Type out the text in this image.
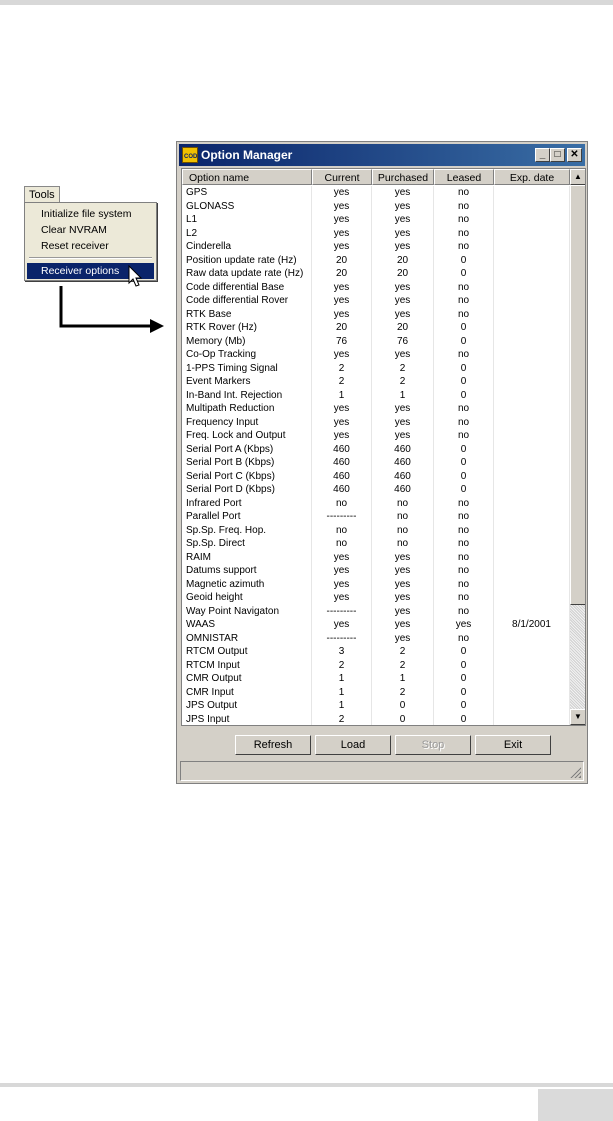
Tools
Initialize file system
Clear NVRAM
Reset receiver
Receiver options
COD Option Manager	_ □ ✕
Option name	Current	Purchased	Leased	Exp. date
GPS	yes	yes	no
GLONASS	yes	yes	no
L1	yes	yes	no
L2	yes	yes	no
Cinderella	yes	yes	no
Position update rate (Hz)	20	20	0
Raw data update rate (Hz)	20	20	0
Code differential Base	yes	yes	no
Code differential Rover	yes	yes	no
RTK Base	yes	yes	no
RTK Rover (Hz)	20	20	0
Memory (Mb)	76	76	0
Co-Op Tracking	yes	yes	no
1-PPS Timing Signal	2	2	0
Event Markers	2	2	0
In-Band Int. Rejection	1	1	0
Multipath Reduction	yes	yes	no
Frequency Input	yes	yes	no
Freq. Lock and Output	yes	yes	no
Serial Port A (Kbps)	460	460	0
Serial Port B (Kbps)	460	460	0
Serial Port C (Kbps)	460	460	0
Serial Port D (Kbps)	460	460	0
Infrared Port	no	no	no
Parallel Port	---------	no	no
Sp.Sp. Freq. Hop.	no	no	no
Sp.Sp. Direct	no	no	no
RAIM	yes	yes	no
Datums support	yes	yes	no
Magnetic azimuth	yes	yes	no
Geoid height	yes	yes	no
Way Point Navigaton	---------	yes	no
WAAS	yes	yes	yes	8/1/2001
OMNISTAR	---------	yes	no
RTCM Output	3	2	0
RTCM Input	2	2	0
CMR Output	1	1	0
CMR Input	1	2	0
JPS Output	1	0	0
JPS Input	2	0	0
▲
▼
Refresh	Load	Stop	Exit
